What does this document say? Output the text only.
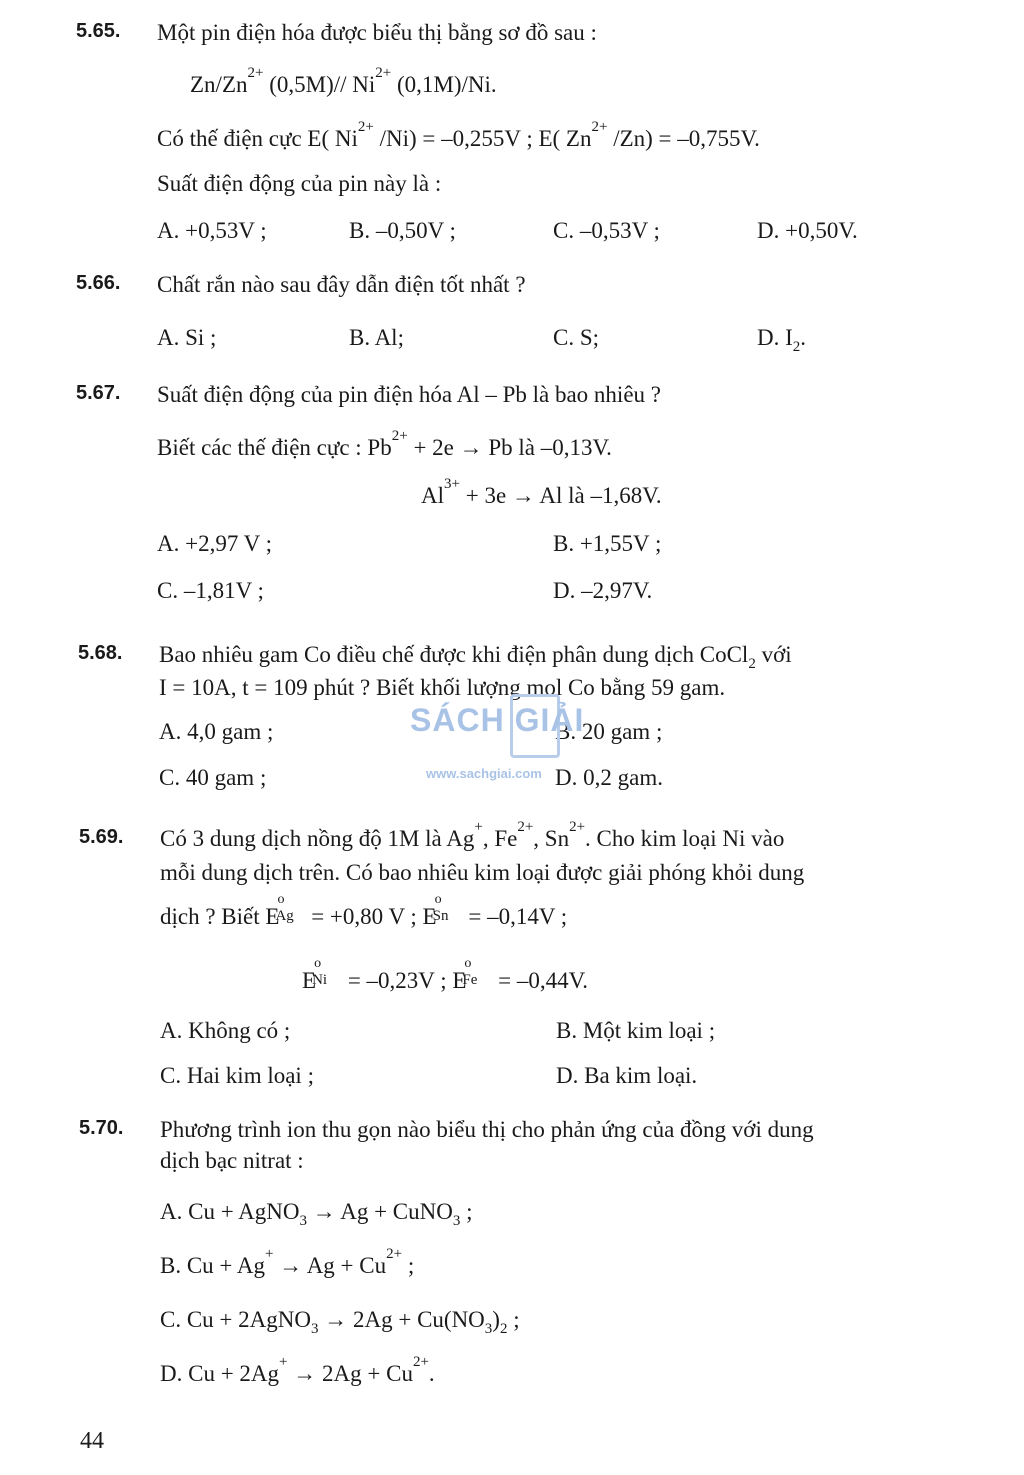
5.65. Một pin điện hóa được biểu thị bằng sơ đồ sau :
$Zn/Zn^{2+}$ (0,5M)// $Ni^{2+}$ (0,1M)/Ni.
Có thế điện cực E( $Ni^{2+}$ /Ni) = –0,255V ; E( $Zn^{2+}$ /Zn) = –0,755V.
Suất điện động của pin này là :
A. +0,53V ;	B. –0,50V ;	C. –0,53V ;	D. +0,50V.
5.66. Chất rắn nào sau đây dẫn điện tốt nhất ?
A. Si ;	B. Al;	C. S;	D. $I_2$.
5.67. Suất điện động của pin điện hóa Al – Pb là bao nhiêu ?
Biết các thế điện cực : $Pb^{2+} + 2e \to Pb$ là –0,13V.
$Al^{3+} + 3e \to Al$ là –1,68V.
A. +2,97 V ;	B. +1,55V ;
C. –1,81V ;	D. –2,97V.
5.68. Bao nhiêu gam Co điều chế được khi điện phân dung dịch CoCl$_2$ với
I = 10A, t = 109 phút ? Biết khối lượng mol Co bằng 59 gam.
A. 4,0 gam ;	B. 20 gam ;
C. 40 gam ;	D. 0,2 gam.
SÁCH GIẢI
www.sachgiai.com
5.69. Có 3 dung dịch nồng độ 1M là Ag+, $Fe^{2+}$, $Sn^{2+}$. Cho kim loại Ni vào
mỗi dung dịch trên. Có bao nhiêu kim loại được giải phóng khỏi dung
dịch ? Biết E
o
Ag = +0,80 V ; E
o
Sn = –0,14V ;
E
o
Ni = –0,23V ; E
o
Fe = –0,44V.
A. Không có ;	B. Một kim loại ;
C. Hai kim loại ;	D. Ba kim loại.
5.70. Phương trình ion thu gọn nào biểu thị cho phản ứng của đồng với dung
dịch bạc nitrat :
A. Cu + AgNO$_3$ → Ag + CuNO$_3$ ;
B. $Cu + Ag^+ \to Ag + Cu^{2+}$ ;
C. Cu + 2AgNO$_3$ → $2Ag + Cu(NO_3)_2$ ;
D. $Cu + 2Ag^+ \to 2Ag + Cu^{2+}$.
44
